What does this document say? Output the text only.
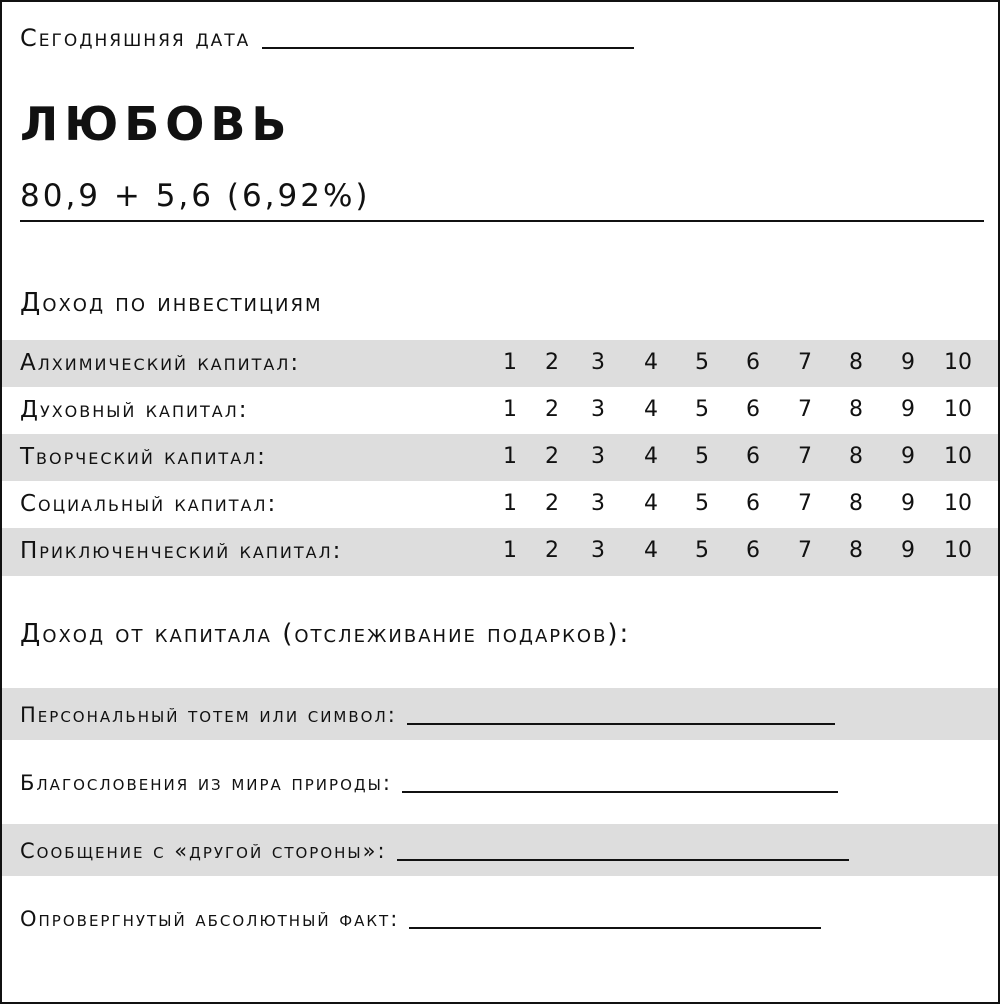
Сегодняшняя дата
ЛЮБОВЬ
80,9 + 5,6 (6,92%)
Доход по инвестициям
Алхимический капитал:	1	2	3	4	5	6	7	8	9	10
Духовный капитал:	1	2	3	4	5	6	7	8	9	10
Творческий капитал:	1	2	3	4	5	6	7	8	9	10
Социальный капитал:	1	2	3	4	5	6	7	8	9	10
Приключенческий капитал:	1	2	3	4	5	6	7	8	9	10
Доход от капитала (отслеживание подарков):
Персональный тотем или символ:
Благословения из мира природы:
Сообщение с «другой стороны»:
Опровергнутый абсолютный факт:
